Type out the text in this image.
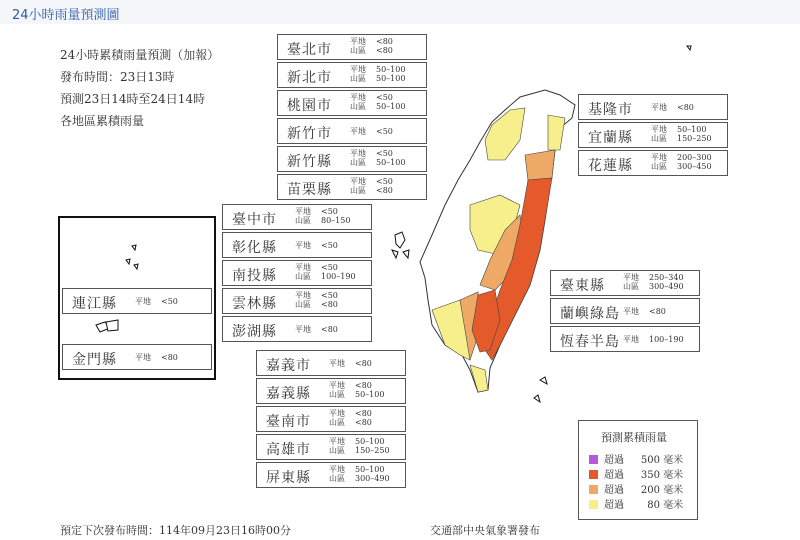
24小時雨量預測圖
24小時累積雨量預測（加報）
發布時間：23日13時
預測23日14時至24日14時
各地區累積雨量
臺北市
平地 <80
山區 <80
新北市
平地 50–100
山區 50–100
桃園市
平地 <50
山區 50–100
新竹市 平地 <50
新竹縣
平地 <50
山區 50–100
苗栗縣
平地 <50
山區 <80
臺中市
平地 <50
山區 80–150
彰化縣 平地 <50
南投縣
平地 <50
山區 100–190
雲林縣
平地 <50
山區 <80
澎湖縣 平地 <80
連江縣 平地 <50
金門縣 平地 <80
嘉義市 平地 <80
嘉義縣
平地 <80
山區 50–100
臺南市
平地 <80
山區 <80
高雄市
平地 50–100
山區 150–250
屏東縣
平地 50–100
山區 300–490
基隆市 平地 <80
宜蘭縣
平地 50–100
山區 150–250
花蓮縣
平地 200–300
山區 300–450
臺東縣
平地 250–340
山區 300–490
蘭嶼綠島 平地 <80
恆春半島 平地 100–190
預測累積雨量
超過 500 毫米
超過 350 毫米
超過 200 毫米
超過 80 毫米
預定下次發布時間：114年09月23日16時00分	交通部中央氣象署發布
